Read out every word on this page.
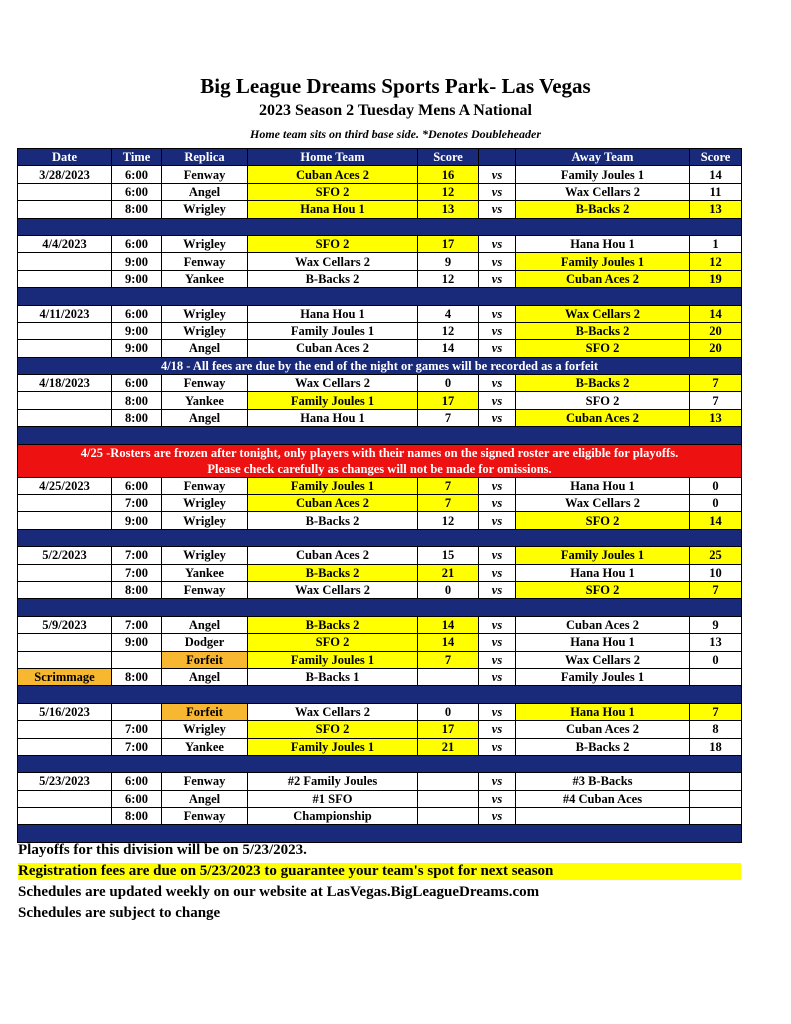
Big League Dreams Sports Park- Las Vegas
2023 Season 2 Tuesday Mens A National
Home team sits on third base side. *Denotes Doubleheader
Date	Time	Replica	Home Team	Score		Away Team	Score
3/28/2023	6:00	Fenway	Cuban Aces 2	16	vs	Family Joules 1	14
	6:00	Angel	SFO 2	12	vs	Wax Cellars 2	11
	8:00	Wrigley	Hana Hou 1	13	vs	B-Backs 2	13

4/4/2023	6:00	Wrigley	SFO 2	17	vs	Hana Hou 1	1
	9:00	Fenway	Wax Cellars 2	9	vs	Family Joules 1	12
	9:00	Yankee	B-Backs 2	12	vs	Cuban Aces 2	19

4/11/2023	6:00	Wrigley	Hana Hou 1	4	vs	Wax Cellars 2	14
	9:00	Wrigley	Family Joules 1	12	vs	B-Backs 2	20
	9:00	Angel	Cuban Aces 2	14	vs	SFO 2	20
4/18 - All fees are due by the end of the night or games will be recorded as a forfeit							
4/18/2023	6:00	Fenway	Wax Cellars 2	0	vs	B-Backs 2	7
	8:00	Yankee	Family Joules 1	17	vs	SFO 2	7
	8:00	Angel	Hana Hou 1	7	vs	Cuban Aces 2	13

4/25 -Rosters are frozen after tonight, only players with their names on the signed roster are eligible for playoffs.
Please check carefully as changes will not be made for omissions.							

4/25/2023	6:00	Fenway	Family Joules 1	7	vs	Hana Hou 1	0
	7:00	Wrigley	Cuban Aces 2	7	vs	Wax Cellars 2	0
	9:00	Wrigley	B-Backs 2	12	vs	SFO 2	14

5/2/2023	7:00	Wrigley	Cuban Aces 2	15	vs	Family Joules 1	25
	7:00	Yankee	B-Backs 2	21	vs	Hana Hou 1	10
	8:00	Fenway	Wax Cellars 2	0	vs	SFO 2	7

5/9/2023	7:00	Angel	B-Backs 2	14	vs	Cuban Aces 2	9
	9:00	Dodger	SFO 2	14	vs	Hana Hou 1	13
		Forfeit	Family Joules 1	7	vs	Wax Cellars 2	0
Scrimmage	8:00	Angel	B-Backs 1		vs	Family Joules 1	

5/16/2023		Forfeit	Wax Cellars 2	0	vs	Hana Hou 1	7
	7:00	Wrigley	SFO 2	17	vs	Cuban Aces 2	8
	7:00	Yankee	Family Joules 1	21	vs	B-Backs 2	18

5/23/2023	6:00	Fenway	#2 Family Joules		vs	#3 B-Backs	
	6:00	Angel	#1 SFO		vs	#4 Cuban Aces	
	8:00	Fenway	Championship		vs		

Playoffs for this division will be on 5/23/2023.
Registration fees are due on 5/23/2023 to guarantee your team's spot for next season
Schedules are updated weekly on our website at LasVegas.BigLeagueDreams.com
Schedules are subject to change
